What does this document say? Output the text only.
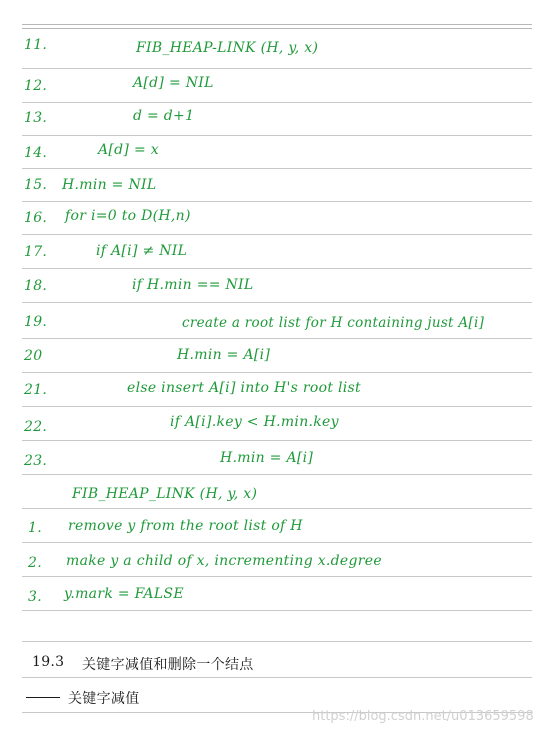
11.	FIB_HEAP-LINK (H, y, x)
12.	A[d] = NIL
13.	d = d+1
14.	A[d] = x
15. H.min = NIL
16. for i=0 to D(H,n)
17.	if A[i] ≠ NIL
18.	if H.min == NIL
19.	create a root list for H containing just A[i]
20	H.min = A[i]
21.	else insert A[i] into H's root list
22.	if A[i].key < H.min.key
23.	H.min = A[i]
FIB_HEAP_LINK (H, y, x)
1. remove y from the root list of H
2. make y a child of x, incrementing x.degree
3. y.mark = FALSE
19.3 关键字减值和删除一个结点
关键字减值
https://blog.csdn.net/u013659598
